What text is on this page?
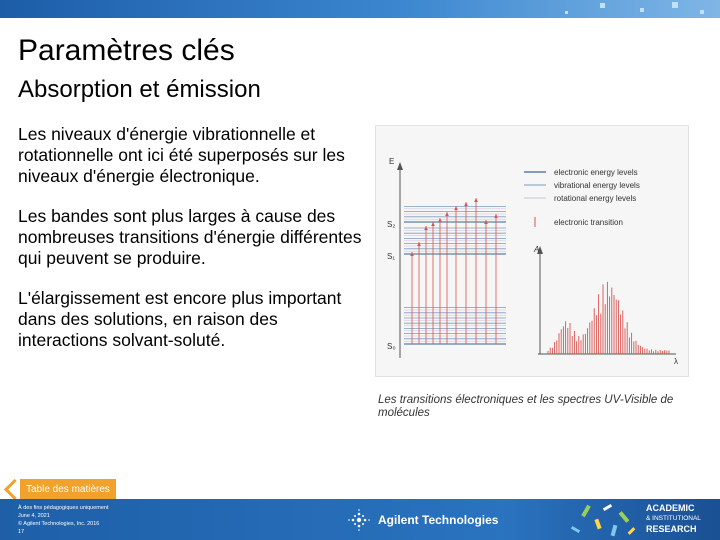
Paramètres clés
Absorption et émission

Les niveaux d'énergie vibrationnelle et rotationnelle ont ici été superposés sur les niveaux d'énergie électronique.

Les bandes sont plus larges à cause des nombreuses transitions d'énergie différentes qui peuvent se produire.

L'élargissement est encore plus important dans des solutions, en raison des interactions solvant-soluté.

E
S₂
S₁
S₀
electronic energy levels
vibrational energy levels
rotational energy levels
electronic transition
A
λ
Les transitions électroniques et les spectres UV-Visible de molécules
Table des matières
À des fins pédagogiques uniquement
June 4, 2021
© Agilent Technologies, Inc. 2016
17
Agilent Technologies
ACADEMIC
& INSTITUTIONAL
RESEARCH
